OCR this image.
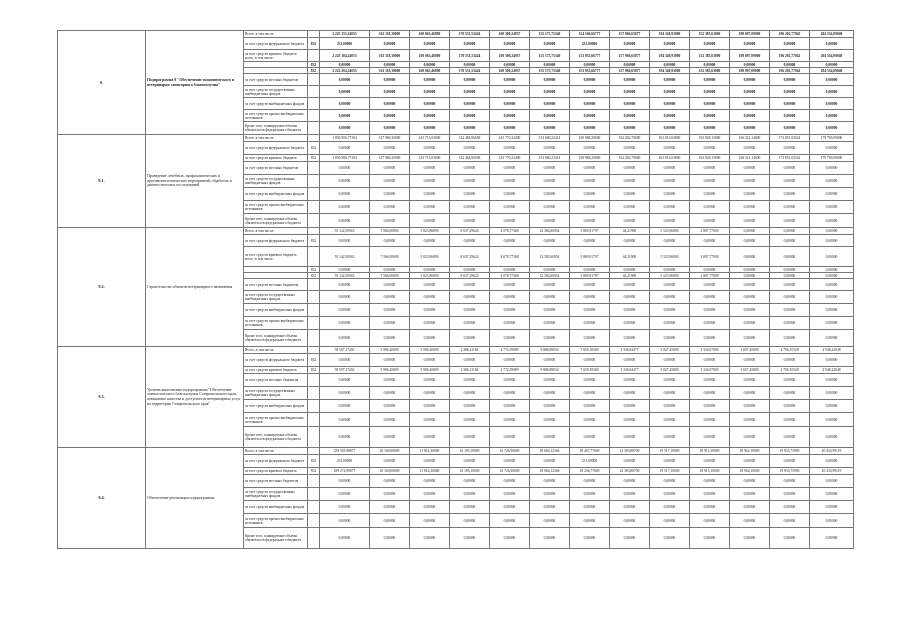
9.	Подпрограмма 9 "Обеспечение экономического и ветеринарно-санитарного благополучия"	Всего, в том числе:		2 225 155,24055	161 118,30000	169 063,46890	170 531,53424	169 300,24937	155 175,75340	154 166,66777	157 966,65877	194 340,93000	152 385,63000	189 097,09000	196 202,77942	204 534,09040
		за счет средств федерального бюджета	832	231,00000	0,00000	0,00000	0,00000	0,00000	0,00000	231,00000	0,00000	0,00000	0,00000	0,00000	0,00000	0,00000
		за счет средств краевого бюджета всего, в том числе:		2 225 104,24055	161 118,30000	169 063,46890	170 531,53424	169 300,24937	155 175,75340	153 935,66777	157 966,65877	194 340,93000	152 385,63000	189 097,09000	196 202,77942	204 534,09040
			832	0,00000	0,00000	0,00000	0,00000	0,00000	0,00000	0,00000	0,00000	0,00000	0,00000	0,00000	0,00000	0,00000
			832	2 222 204,24055	161 118,30000	169 063,46890	170 531,53424	169 300,24937	155 175,75340	153 935,66777	157 966,65877	194 340,93000	152 385,63000	189 097,09000	196 202,77942	204 534,09040
		за счет средств местных бюджетов		0,00000	0,00000	0,00000	0,00000	0,00000	0,00000	0,00000	0,00000	0,00000	0,00000	0,00000	0,00000	0,00000
		за счет средств государственных внебюджетных фондов		0,00000	0,00000	0,00000	0,00000	0,00000	0,00000	0,00000	0,00000	0,00000	0,00000	0,00000	0,00000	0,00000
		за счет средств внебюджетных фондов		0,00000	0,00000	0,00000	0,00000	0,00000	0,00000	0,00000	0,00000	0,00000	0,00000	0,00000	0,00000	0,00000
		за счет средств прочих внебюджетных источников		0,00000	0,00000	0,00000	0,00000	0,00000	0,00000	0,00000	0,00000	0,00000	0,00000	0,00000	0,00000	0,00000
		Кроме того, планируемые объемы обязательств федерального бюджета		0,00000	0,00000	0,00000	0,00000	0,00000	0,00000	0,00000	0,00000	0,00000	0,00000	0,00000	0,00000	0,00000
9.1.	Проведение лечебных, профилактических и противоэпизоотических мероприятий, обработок и диагностических исследований	Всего, в том числе:		1 850 906,77304	127 986,30000	145 713,03000	142 484,86658	145 770,22400	133 680,23414	160 888,29000	162 202,79000	161 812,63800	163 828,15800	166 321,14000	173 851,03542	179 769,09000
		за счет средств федерального бюджета	832	0,00000	0,00000	0,00000	0,00000	0,00000	0,00000	0,00000	0,00000	0,00000	0,00000	0,00000	0,00000	0,00000
		за счет средств краевого бюджета	832	1 850 906,77304	127 986,30000	145 713,03000	142 484,86658	145 770,22400	133 680,23414	160 888,29000	162 202,79000	161 812,63800	163 828,15800	166 321,14000	173 851,03542	179 769,09000
		за счет средств местных бюджетов		0,00000	0,00000	0,00000	0,00000	0,00000	0,00000	0,00000	0,00000	0,00000	0,00000	0,00000	0,00000	0,00000
		за счет средств государственных внебюджетных фондов		0,00000	0,00000	0,00000	0,00000	0,00000	0,00000	0,00000	0,00000	0,00000	0,00000	0,00000	0,00000	0,00000
		за счет средств внебюджетных фондов		0,00000	0,00000	0,00000	0,00000	0,00000	0,00000	0,00000	0,00000	0,00000	0,00000	0,00000	0,00000	0,00000
		за счет средств прочих внебюджетных источников		0,00000	0,00000	0,00000	0,00000	0,00000	0,00000	0,00000	0,00000	0,00000	0,00000	0,00000	0,00000	0,00000
		Кроме того, планируемые объемы обязательств федерального бюджета		0,00000	0,00000	0,00000	0,00000	0,00000	0,00000	0,00000	0,00000	0,00000	0,00000	0,00000	0,00000	0,00000
9.2.	Строительство объектов ветеринарного назначения	Всего, в том числе:		55 142,50943	7 566,00000	5 823,86890	8 637,29624	4 078,77368	12 382,60054	5 869,91797	44,21900	5 523,96000	2 807,77000	0,00000	0,00000	0,00000
		за счет средств федерального бюджета	832	0,00000	0,00000	0,00000	0,00000	0,00000	0,00000	0,00000	0,00000	0,00000	0,00000	0,00000	0,00000	0,00000
		за счет средств краевого бюджета всего, в том числе:		55 142,50943	7 566,00000	5 823,86890	8 637,29624	4 078,77368	12 382,60054	5 869,91797	44,21900	5 523,96000	2 807,77000	0,00000	0,00000	0,00000
			832	0,00000	0,00000	0,00000	0,00000	0,00000	0,00000	0,00000	0,00000	0,00000	0,00000	0,00000	0,00000	0,00000
			832	55 142,50943	7 566,00000	5 823,86890	8 637,29624	4 078,77368	12 382,60054	5 869,91797	44,21900	5 523,96000	2 807,77000	0,00000	0,00000	0,00000
		за счет средств местных бюджетов		0,00000	0,00000	0,00000	0,00000	0,00000	0,00000	0,00000	0,00000	0,00000	0,00000	0,00000	0,00000	0,00000
		за счет средств государственных внебюджетных фондов		0,00000	0,00000	0,00000	0,00000	0,00000	0,00000	0,00000	0,00000	0,00000	0,00000	0,00000	0,00000	0,00000
		за счет средств внебюджетных фондов		0,00000	0,00000	0,00000	0,00000	0,00000	0,00000	0,00000	0,00000	0,00000	0,00000	0,00000	0,00000	0,00000
		за счет средств прочих внебюджетных источников		0,00000	0,00000	0,00000	0,00000	0,00000	0,00000	0,00000	0,00000	0,00000	0,00000	0,00000	0,00000	0,00000
		Кроме того, планируемые объемы обязательств федерального бюджета		0,00000	0,00000	0,00000	0,00000	0,00000	0,00000	0,00000	0,00000	0,00000	0,00000	0,00000	0,00000	0,00000
9.3.	Уровень выполнения подпрограммы "Обеспечение эпизоотического благополучия Ставропольского края, повышение качества и доступности ветеринарных услуг на территории Ставропольского края"	Всего, в том числе:		59 597,17202	5 996,20000	5 906,20000	2 386,21184	2 772,59089	9 886,89034	7 659,18300	3 336,84477	5 827,45000	3 334,07000	3 657,45000	2 796,35528	2 948,22048
		за счет средств федерального бюджета	832	0,00000	0,00000	0,00000	0,00000	0,00000	0,00000	0,00000	0,00000	0,00000	0,00000	0,00000	0,00000	0,00000
		за счет средств краевого бюджета	832	59 597,17202	5 996,20000	5 906,20000	2 386,21184	2 772,59089	9 886,89034	7 659,18300	3 336,84477	5 827,45000	3 334,07000	3 657,45000	2 796,35528	2 948,22048
		за счет средств местных бюджетов		0,00000	0,00000	0,00000	0,00000	0,00000	0,00000	0,00000	0,00000	0,00000	0,00000	0,00000	0,00000	0,00000
		за счет средств государственных внебюджетных фондов		0,00000	0,00000	0,00000	0,00000	0,00000	0,00000	0,00000	0,00000	0,00000	0,00000	0,00000	0,00000	0,00000
		за счет средств внебюджетных фондов		0,00000	0,00000	0,00000	0,00000	0,00000	0,00000	0,00000	0,00000	0,00000	0,00000	0,00000	0,00000	0,00000
		за счет средств прочих внебюджетных источников		0,00000	0,00000	0,00000	0,00000	0,00000	0,00000	0,00000	0,00000	0,00000	0,00000	0,00000	0,00000	0,00000
		Кроме того, планируемые объемы обязательств федерального бюджета		0,00000	0,00000	0,00000	0,00000	0,00000	0,00000	0,00000	0,00000	0,00000	0,00000	0,00000	0,00000	0,00000
9.4.	Обеспечение реализации подпрограммы	Всего, в том числе:		259 505,98877	20 169,00000	11 816,30000	16 185,10000	16 726,50000	18 064,12346	18 467,77600	22 383,88700	19 517,10000	18 915,10000	18 962,10000	19 833,75990	20 433,99119
		за счет средств федерального бюджета	832	231,00000	0,00000	0,00000	0,00000	0,00000	0,00000	231,00000	0,00000	0,00000	0,00000	0,00000	0,00000	0,00000
		за счет средств краевого бюджета	832	259 274,98877	20 169,00000	11 816,30000	16 185,10000	16 726,50000	18 064,12346	18 236,77600	22 383,88700	19 517,10000	18 915,10000	18 962,10000	19 833,75990	20 433,99119
		за счет средств местных бюджетов		0,00000	0,00000	0,00000	0,00000	0,00000	0,00000	0,00000	0,00000	0,00000	0,00000	0,00000	0,00000	0,00000
		за счет средств государственных внебюджетных фондов		0,00000	0,00000	0,00000	0,00000	0,00000	0,00000	0,00000	0,00000	0,00000	0,00000	0,00000	0,00000	0,00000
		за счет средств внебюджетных фондов		0,00000	0,00000	0,00000	0,00000	0,00000	0,00000	0,00000	0,00000	0,00000	0,00000	0,00000	0,00000	0,00000
		за счет средств прочих внебюджетных источников		0,00000	0,00000	0,00000	0,00000	0,00000	0,00000	0,00000	0,00000	0,00000	0,00000	0,00000	0,00000	0,00000
		Кроме того, планируемые объемы обязательств федерального бюджета		0,00000	0,00000	0,00000	0,00000	0,00000	0,00000	0,00000	0,00000	0,00000	0,00000	0,00000	0,00000	0,00000
